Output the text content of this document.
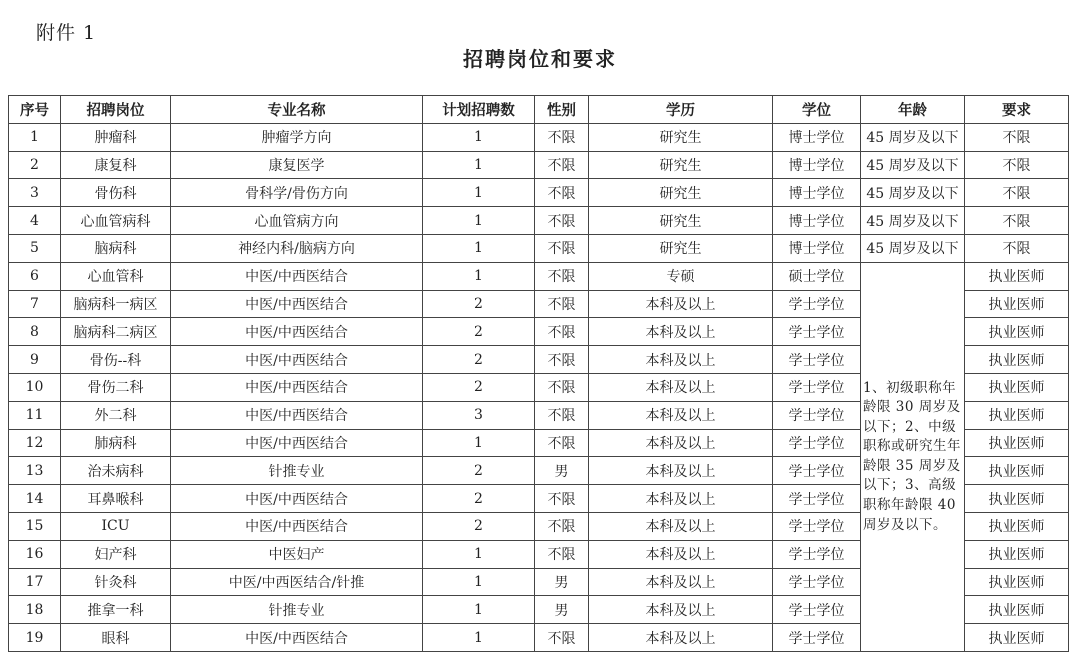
附件 1
招聘岗位和要求
序号	招聘岗位	专业名称	计划招聘数	性别	学历	学位	年龄	要求
1	肿瘤科	肿瘤学方向	1	不限	研究生	博士学位	45 周岁及以下	不限
2	康复科	康复医学	1	不限	研究生	博士学位	45 周岁及以下	不限
3	骨伤科	骨科学/骨伤方向	1	不限	研究生	博士学位	45 周岁及以下	不限
4	心血管病科	心血管病方向	1	不限	研究生	博士学位	45 周岁及以下	不限
5	脑病科	神经内科/脑病方向	1	不限	研究生	博士学位	45 周岁及以下	不限
6	心血管科	中医/中西医结合	1	不限	专硕	硕士学位	1、初级职称年龄限 30 周岁及以下；2、中级职称或研究生年龄限 35 周岁及以下；3、高级职称年龄限 40 周岁及以下。	执业医师
7	脑病科一病区	中医/中西医结合	2	不限	本科及以上	学士学位		执业医师
8	脑病科二病区	中医/中西医结合	2	不限	本科及以上	学士学位		执业医师
9	骨伤--科	中医/中西医结合	2	不限	本科及以上	学士学位		执业医师
10	骨伤二科	中医/中西医结合	2	不限	本科及以上	学士学位		执业医师
11	外二科	中医/中西医结合	3	不限	本科及以上	学士学位		执业医师
12	肺病科	中医/中西医结合	1	不限	本科及以上	学士学位		执业医师
13	治未病科	针推专业	2	男	本科及以上	学士学位		执业医师
14	耳鼻喉科	中医/中西医结合	2	不限	本科及以上	学士学位		执业医师
15	ICU	中医/中西医结合	2	不限	本科及以上	学士学位		执业医师
16	妇产科	中医妇产	1	不限	本科及以上	学士学位		执业医师
17	针灸科	中医/中西医结合/针推	1	男	本科及以上	学士学位		执业医师
18	推拿一科	针推专业	1	男	本科及以上	学士学位		执业医师
19	眼科	中医/中西医结合	1	不限	本科及以上	学士学位		执业医师
